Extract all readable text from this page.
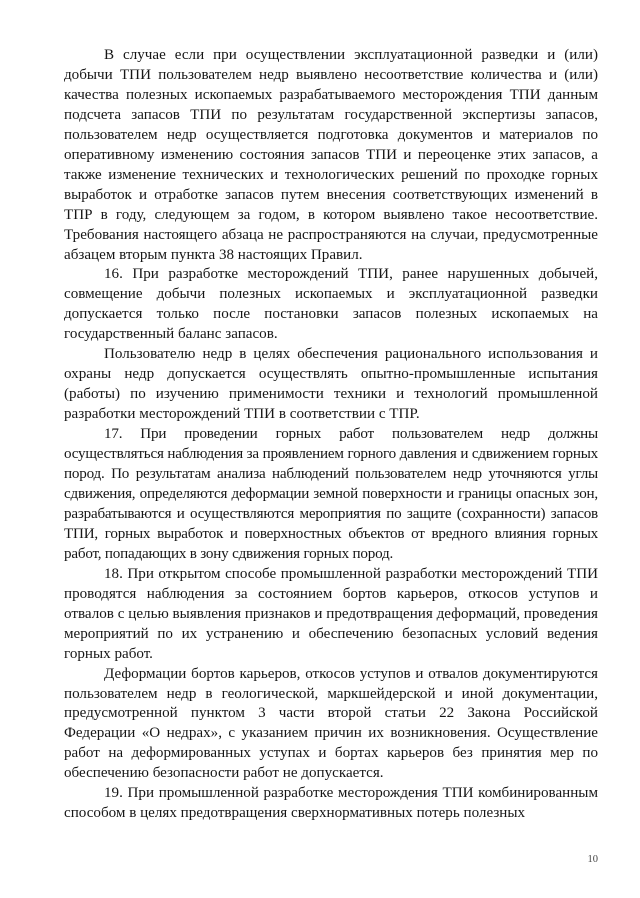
В случае если при осуществлении эксплуатационной разведки и (или) добычи ТПИ пользователем недр выявлено несоответствие количества и (или) качества полезных ископаемых разрабатываемого месторождения ТПИ данным подсчета запасов ТПИ по результатам государственной экспертизы запасов, пользователем недр осуществляется подготовка документов и материалов по оперативному изменению состояния запасов ТПИ и переоценке этих запасов, а также изменение технических и технологических решений по проходке горных выработок и отработке запасов путем внесения соответствующих изменений в ТПР в году, следующем за годом, в котором выявлено такое несоответствие. Требования настоящего абзаца не распространяются на случаи, предусмотренные абзацем вторым пункта 38 настоящих Правил.

16. При разработке месторождений ТПИ, ранее нарушенных добычей, совмещение добычи полезных ископаемых и эксплуатационной разведки допускается только после постановки запасов полезных ископаемых на государственный баланс запасов.

Пользователю недр в целях обеспечения рационального использования и охраны недр допускается осуществлять опытно-промышленные испытания (работы) по изучению применимости техники и технологий промышленной разработки месторождений ТПИ в соответствии с ТПР.

17. При проведении горных работ пользователем недр должны осуществляться наблюдения за проявлением горного давления и сдвижением горных пород. По результатам анализа наблюдений пользователем недр уточняются углы сдвижения, определяются деформации земной поверхности и границы опасных зон, разрабатываются и осуществляются мероприятия по защите (сохранности) запасов ТПИ, горных выработок и поверхностных объектов от вредного влияния горных работ, попадающих в зону сдвижения горных пород.

18. При открытом способе промышленной разработки месторождений ТПИ проводятся наблюдения за состоянием бортов карьеров, откосов уступов и отвалов с целью выявления признаков и предотвращения деформаций, проведения мероприятий по их устранению и обеспечению безопасных условий ведения горных работ.

Деформации бортов карьеров, откосов уступов и отвалов документируются пользователем недр в геологической, маркшейдерской и иной документации, предусмотренной пунктом 3 части второй статьи 22 Закона Российской Федерации «О недрах», с указанием причин их возникновения. Осуществление работ на деформированных уступах и бортах карьеров без принятия мер по обеспечению безопасности работ не допускается.

19. При промышленной разработке месторождения ТПИ комбинированным способом в целях предотвращения сверхнормативных потерь полезных

10
